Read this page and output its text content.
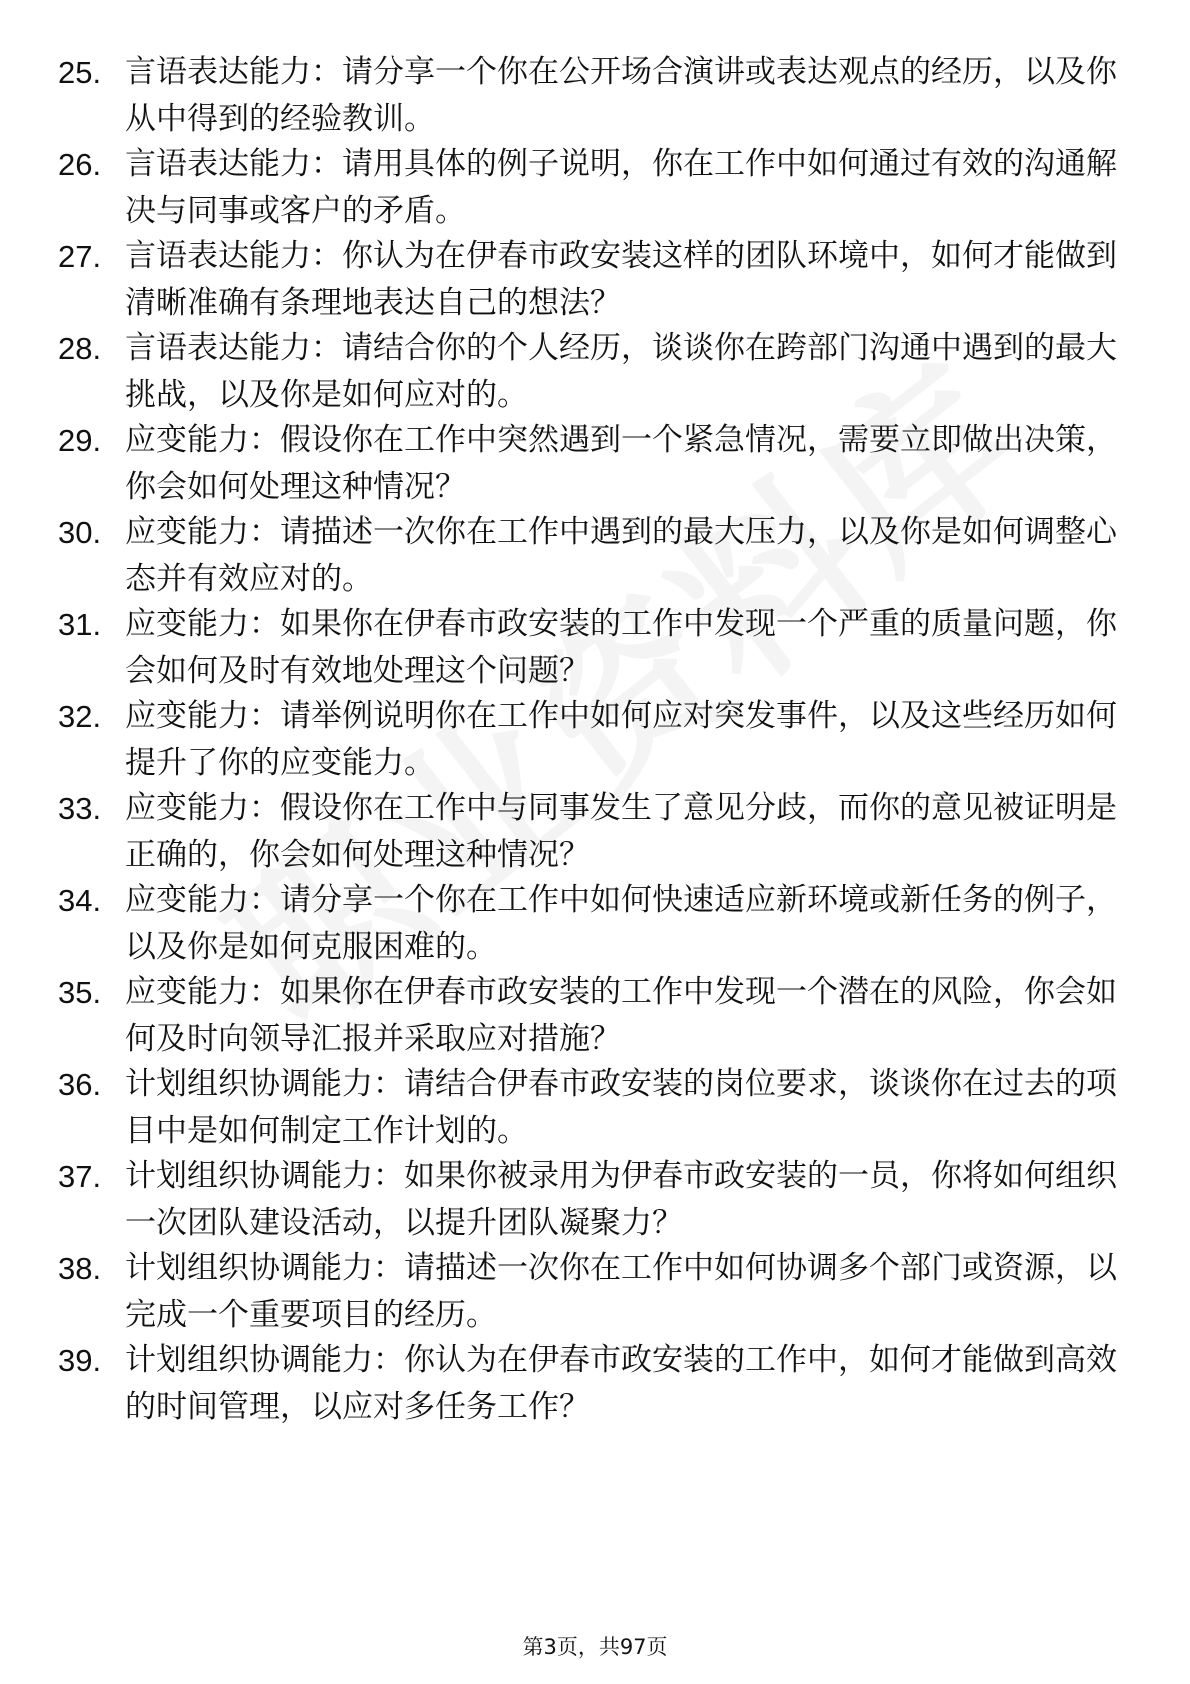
25. 言语表达能力：请分享一个你在公开场合演讲或表达观点的经历，以及你从中得到的经验教训。
26. 言语表达能力：请用具体的例子说明，你在工作中如何通过有效的沟通解决与同事或客户的矛盾。
27. 言语表达能力：你认为在伊春市政安装这样的团队环境中，如何才能做到清晰准确有条理地表达自己的想法？
28. 言语表达能力：请结合你的个人经历，谈谈你在跨部门沟通中遇到的最大挑战，以及你是如何应对的。
29. 应变能力：假设你在工作中突然遇到一个紧急情况，需要立即做出决策，你会如何处理这种情况？
30. 应变能力：请描述一次你在工作中遇到的最大压力，以及你是如何调整心态并有效应对的。
31. 应变能力：如果你在伊春市政安装的工作中发现一个严重的质量问题，你会如何及时有效地处理这个问题？
32. 应变能力：请举例说明你在工作中如何应对突发事件，以及这些经历如何提升了你的应变能力。
33. 应变能力：假设你在工作中与同事发生了意见分歧，而你的意见被证明是正确的，你会如何处理这种情况？
34. 应变能力：请分享一个你在工作中如何快速适应新环境或新任务的例子，以及你是如何克服困难的。
35. 应变能力：如果你在伊春市政安装的工作中发现一个潜在的风险，你会如何及时向领导汇报并采取应对措施？
36. 计划组织协调能力：请结合伊春市政安装的岗位要求，谈谈你在过去的项目中是如何制定工作计划的。
37. 计划组织协调能力：如果你被录用为伊春市政安装的一员，你将如何组织一次团队建设活动，以提升团队凝聚力？
38. 计划组织协调能力：请描述一次你在工作中如何协调多个部门或资源，以完成一个重要项目的经历。
39. 计划组织协调能力：你认为在伊春市政安装的工作中，如何才能做到高效的时间管理，以应对多任务工作？
第3页，共97页
